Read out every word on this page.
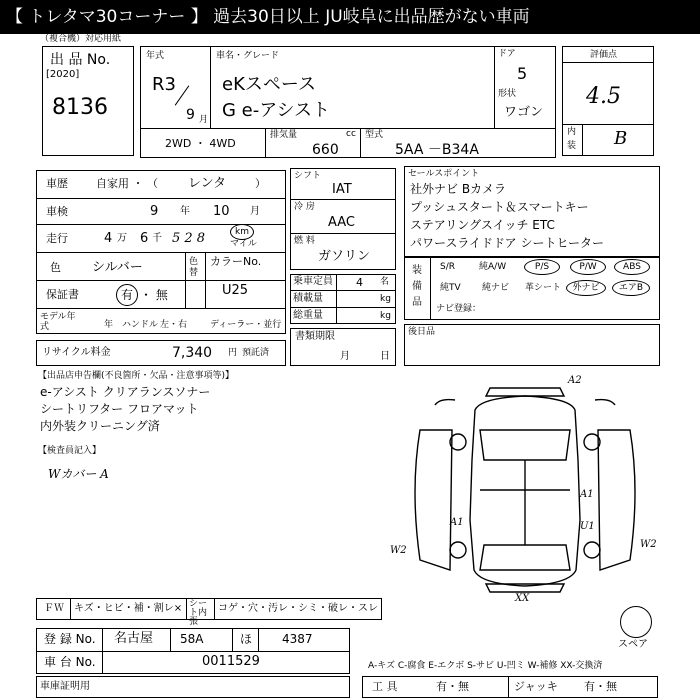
【 トレタマ30コーナー 】 過去30日以上 JU岐阜に出品歴がない車両
（複合機）対応用紙
出 品 No.
[2020]
8136
年式
R3
9 月
車名・グレード
eKスペース
G e-アシスト
ドア
5
形状
ワゴン
2WD ・ 4WD
排気量	cc
660
型式
5AA －B34A
評価点
4.5
内
装 B
車歴	自家用 ・ （ レンタ	）
車検	9 年 10 月
走行	4 万 6 千 5 2 8	km
マイル
色 シルバー	色替
カラーNo.
U25
保証書	有 ・ 無
モデル年式	年 ハンドル 左・右	ディーラー・並行
リサイクル料金	7,340 円 預託済
シフト
IAT
冷 房
AAC
燃 料
ガソリン
乗車定員 4 名
積載量	kg
総重量	kg
書類期限
月	日
セールスポイント
社外ナビ Bカメラ
プッシュスタート＆スマートキー
ステアリングスイッチ ETC
パワースライドドア シートヒーター
装
備
品
S/R	純A/W	P/S	P/W	ABS
純TV 純ナビ 革シート	外ナビ	エアB
ナビ登録：
後日品
【出品店申告欄(不良箇所・欠品・注意事項等)】
e-アシスト クリアランスソナー
シートリフター フロアマット
内外装クリーニング済
【検査員記入】
Wカバー A
A2
A1
A1	U1
W2
W2
XX
スペア
ＦＷ キズ・ヒビ・補・割レ× シート内張
コゲ・穴・汚レ・シミ・破レ・スレ
登 録 No. 名古屋 58A	ほ 4387
車 台 No.	0011529	A-キズ C-腐食 E-エクボ S-サビ U-凹ミ W-補修 XX-交換済
車庫証明用	工 具	有・無	ジャッキ 有・無
